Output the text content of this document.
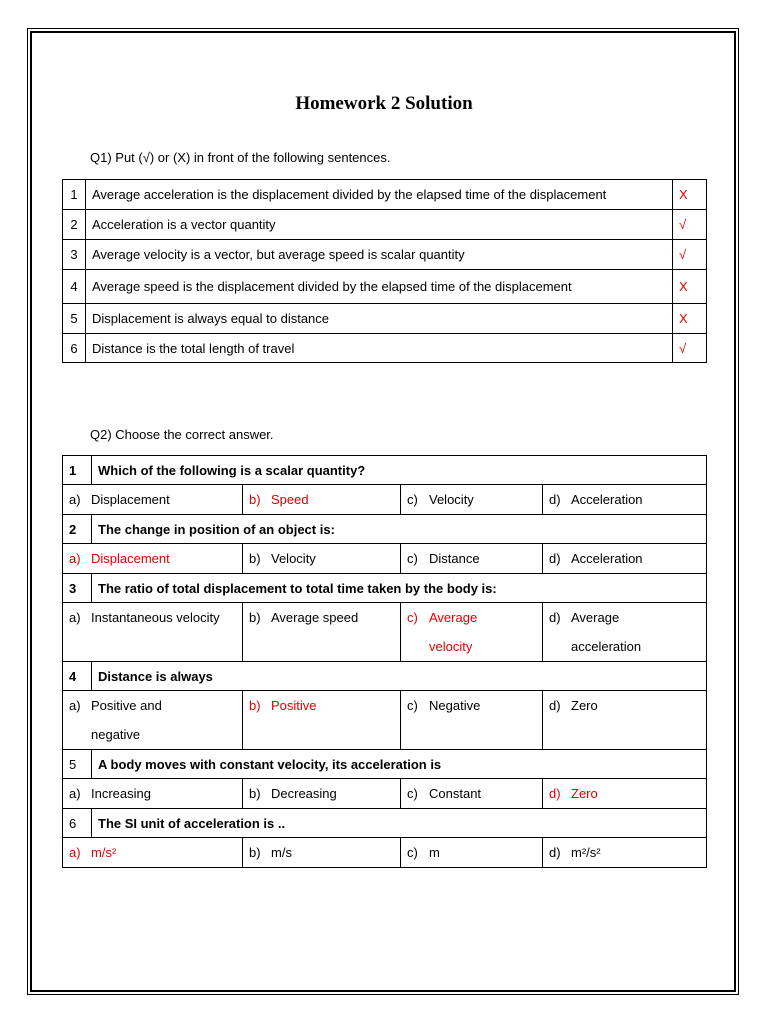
Homework 2 Solution
Q1) Put (√) or (X) in front of the following sentences.
1	Average acceleration is the displacement divided by the elapsed time of the displacement	X
2	Acceleration is a vector quantity	√
3	Average velocity is a vector, but average speed is scalar quantity	√
4	Average speed is the displacement divided by the elapsed time of the displacement	X
5	Displacement is always equal to distance	X
6	Distance is the total length of travel	√
Q2) Choose the correct answer.
1	Which of the following is a scalar quantity?			

a) Displacement		b) Speed	c) Velocity	d) Acceleration

2	The change in position of an object is:			

a) Displacement		b) Velocity	c) Distance	d) Acceleration

3	The ratio of total displacement to total time taken by the body is:			

a) Instantaneous velocity		b) Average speed	c) Average velocity	d) Average acceleration

4	Distance is always			

a) Positive and negative		b) Positive	c) Negative	d) Zero

5	A body moves with constant velocity, its acceleration is			

a) Increasing		b) Decreasing	c) Constant	d) Zero

6	The SI unit of acceleration is ..			

a) m/s²		b) m/s	c) m	d) m²/s²
